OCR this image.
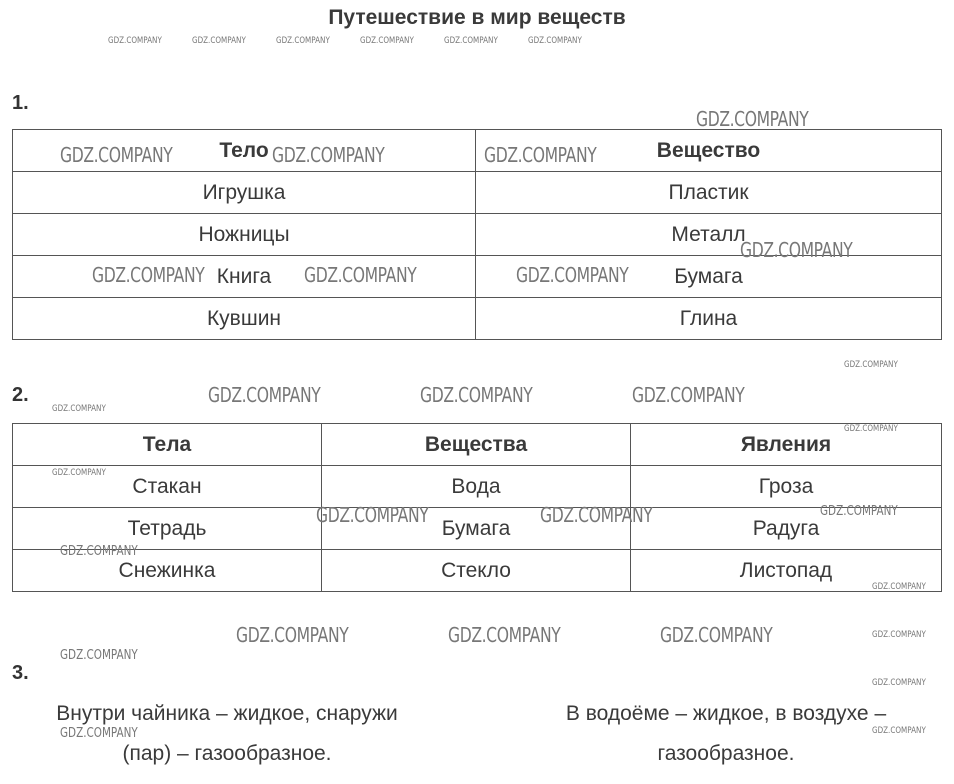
Путешествие в мир веществ
1.
Тело	Вещество
Игрушка	Пластик
Ножницы	Металл
Книга	Бумага
Кувшин	Глина
2.
Тела	Вещества	Явления
Стакан	Вода	Гроза
Тетрадь	Бумага	Радуга
Снежинка	Стекло	Листопад
3.
Внутри чайника – жидкое, снаружи
(пар) – газообразное.
В водоёме – жидкое, в воздухе –
газообразное.
GDZ.COMPANY	GDZ.COMPANY	GDZ.COMPANY	GDZ.COMPANY	GDZ.COMPANY	GDZ.COMPANY
GDZ.COMPANY
GDZ.COMPANY
GDZ.COMPANY
GDZ.COMPANY
GDZ.COMPANY
GDZ.COMPANY
GDZ.COMPANY
GDZ.COMPANY
GDZ.COMPANY
GDZ.COMPANY
GDZ.COMPANY
GDZ.COMPANY
GDZ.COMPANY
GDZ.COMPANY	GDZ.COMPANY	GDZ.COMPANY
GDZ.COMPANY
GDZ.COMPANY	GDZ.COMPANY	GDZ.COMPANY
GDZ.COMPANY	GDZ.COMPANY	GDZ.COMPANY
GDZ.COMPANY	GDZ.COMPANY
GDZ.COMPANY	GDZ.COMPANY	GDZ.COMPANY
